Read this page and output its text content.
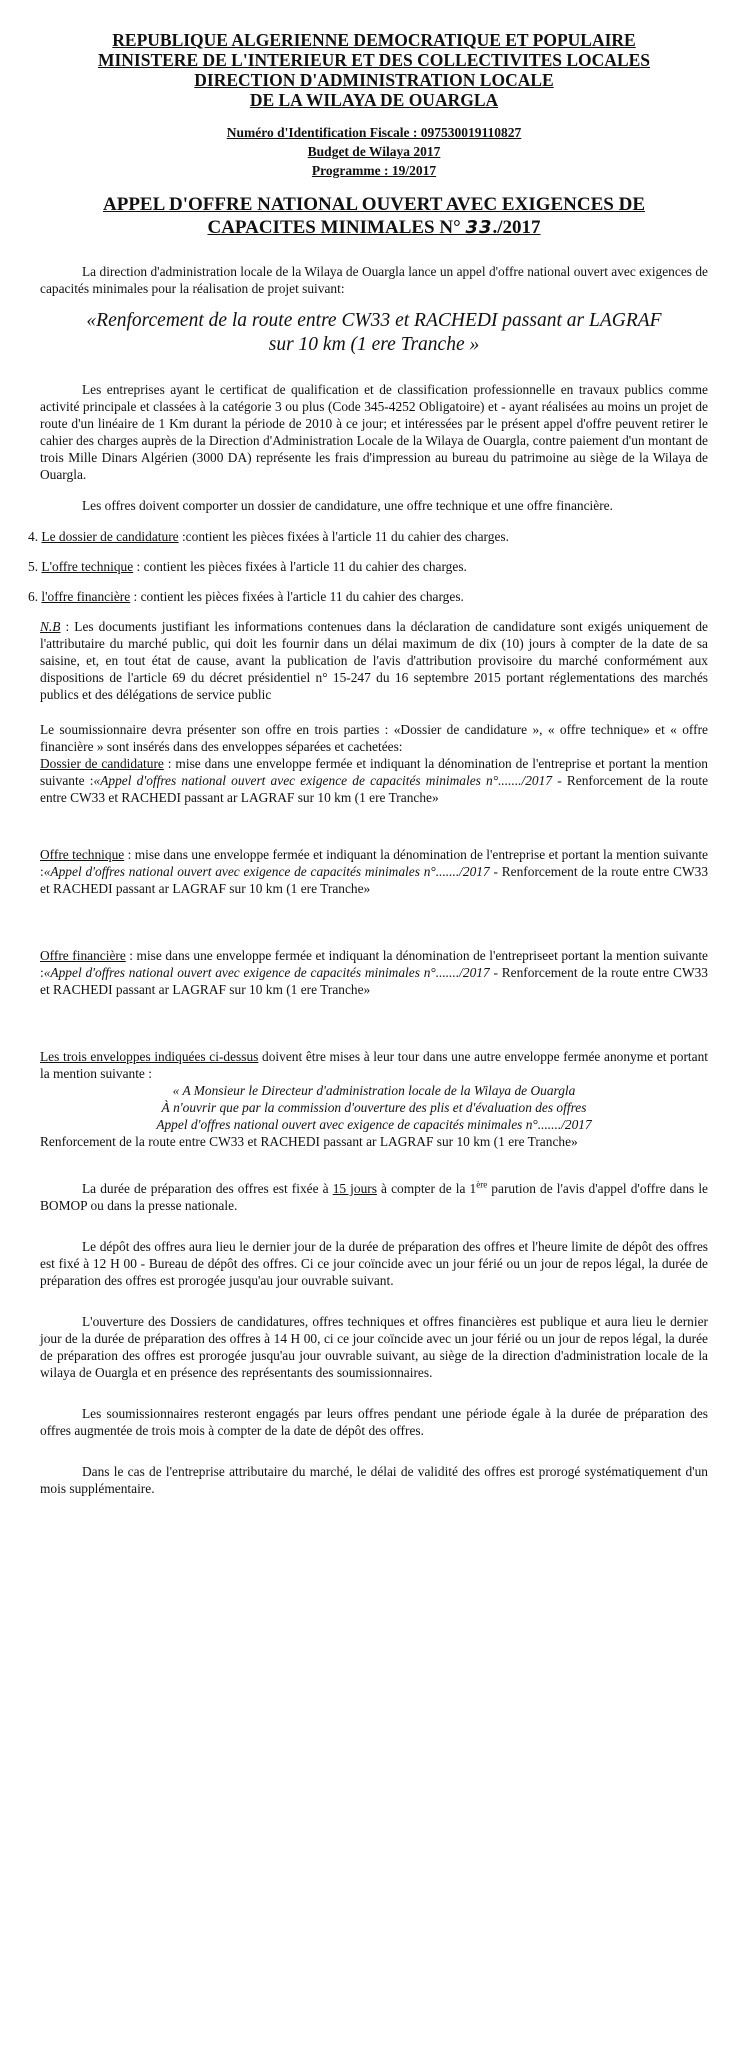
REPUBLIQUE ALGERIENNE DEMOCRATIQUE ET POPULAIRE
MINISTERE DE L'INTERIEUR ET DES COLLECTIVITES LOCALES
DIRECTION D'ADMINISTRATION LOCALE
DE LA WILAYA DE OUARGLA
Numéro d'Identification Fiscale : 097530019110827
Budget de Wilaya 2017
Programme : 19/2017
APPEL D'OFFRE NATIONAL OUVERT AVEC EXIGENCES DE
CAPACITES MINIMALES N° 33./2017

La direction d'administration locale de la Wilaya de Ouargla lance un appel d'offre national ouvert avec exigences de capacités minimales pour la réalisation de projet suivant:

«Renforcement de la route entre CW33 et RACHEDI passant ar LAGRAF
sur 10 km (1 ere Tranche »

Les entreprises ayant le certificat de qualification et de classification professionnelle en travaux publics comme activité principale et classées à la catégorie 3 ou plus (Code 345-4252 Obligatoire) et - ayant réalisées au moins un projet de route d'un linéaire de 1 Km durant la période de 2010 à ce jour; et intéressées par le présent appel d'offre peuvent retirer le cahier des charges auprès de la Direction d'Administration Locale de la Wilaya de Ouargla, contre paiement d'un montant de trois Mille Dinars Algérien (3000 DA) représente les frais d'impression au bureau du patrimoine au siège de la Wilaya de Ouargla.

Les offres doivent comporter un dossier de candidature, une offre technique et une offre financière.

4. Le dossier de candidature :contient les pièces fixées à l'article 11 du cahier des charges.
5. L'offre technique : contient les pièces fixées à l'article 11 du cahier des charges.
6. l'offre financière : contient les pièces fixées à l'article 11 du cahier des charges.

N.B : Les documents justifiant les informations contenues dans la déclaration de candidature sont exigés uniquement de l'attributaire du marché public, qui doit les fournir dans un délai maximum de dix (10) jours à compter de la date de sa saisine, et, en tout état de cause, avant la publication de l'avis d'attribution provisoire du marché conformément aux dispositions de l'article 69 du décret présidentiel n° 15-247 du 16 septembre 2015 portant réglementations des marchés publics et des délégations de service public

Le soumissionnaire devra présenter son offre en trois parties : «Dossier de candidature », « offre technique» et « offre financière » sont insérés dans des enveloppes séparées et cachetées:

Dossier de candidature : mise dans une enveloppe fermée et indiquant la dénomination de l'entreprise et portant la mention suivante :«Appel d'offres national ouvert avec exigence de capacités minimales n°......./2017 - Renforcement de la route entre CW33 et RACHEDI passant ar LAGRAF sur 10 km (1 ere Tranche»

Offre technique : mise dans une enveloppe fermée et indiquant la dénomination de l'entreprise et portant la mention suivante :«Appel d'offres national ouvert avec exigence de capacités minimales n°......./2017 - Renforcement de la route entre CW33 et RACHEDI passant ar LAGRAF sur 10 km (1 ere Tranche»

Offre financière : mise dans une enveloppe fermée et indiquant la dénomination de l'entrepriseet portant la mention suivante :«Appel d'offres national ouvert avec exigence de capacités minimales n°......./2017 - Renforcement de la route entre CW33 et RACHEDI passant ar LAGRAF sur 10 km (1 ere Tranche»

Les trois enveloppes indiquées ci-dessus doivent être mises à leur tour dans une autre enveloppe fermée anonyme et portant la mention suivante :

« A Monsieur le Directeur d'administration locale de la Wilaya de Ouargla
À n'ouvrir que par la commission d'ouverture des plis et d'évaluation des offres
Appel d'offres national ouvert avec exigence de capacités minimales n°......./2017

Renforcement de la route entre CW33 et RACHEDI passant ar LAGRAF sur 10 km (1 ere Tranche»

La durée de préparation des offres est fixée à 15 jours à compter de la 1ère parution de l'avis d'appel d'offre dans le BOMOP ou dans la presse nationale.

Le dépôt des offres aura lieu le dernier jour de la durée de préparation des offres et l'heure limite de dépôt des offres est fixé à 12 H 00 - Bureau de dépôt des offres. Ci ce jour coïncide avec un jour férié ou un jour de repos légal, la durée de préparation des offres est prorogée jusqu'au jour ouvrable suivant.

L'ouverture des Dossiers de candidatures, offres techniques et offres financières est publique et aura lieu le dernier jour de la durée de préparation des offres à 14 H 00, ci ce jour coïncide avec un jour férié ou un jour de repos légal, la durée de préparation des offres est prorogée jusqu'au jour ouvrable suivant, au siège de la direction d'administration locale de la wilaya de Ouargla et en présence des représentants des soumissionnaires.

Les soumissionnaires resteront engagés par leurs offres pendant une période égale à la durée de préparation des offres augmentée de trois mois à compter de la date de dépôt des offres.

Dans le cas de l'entreprise attributaire du marché, le délai de validité des offres est prorogé systématiquement d'un mois supplémentaire.
